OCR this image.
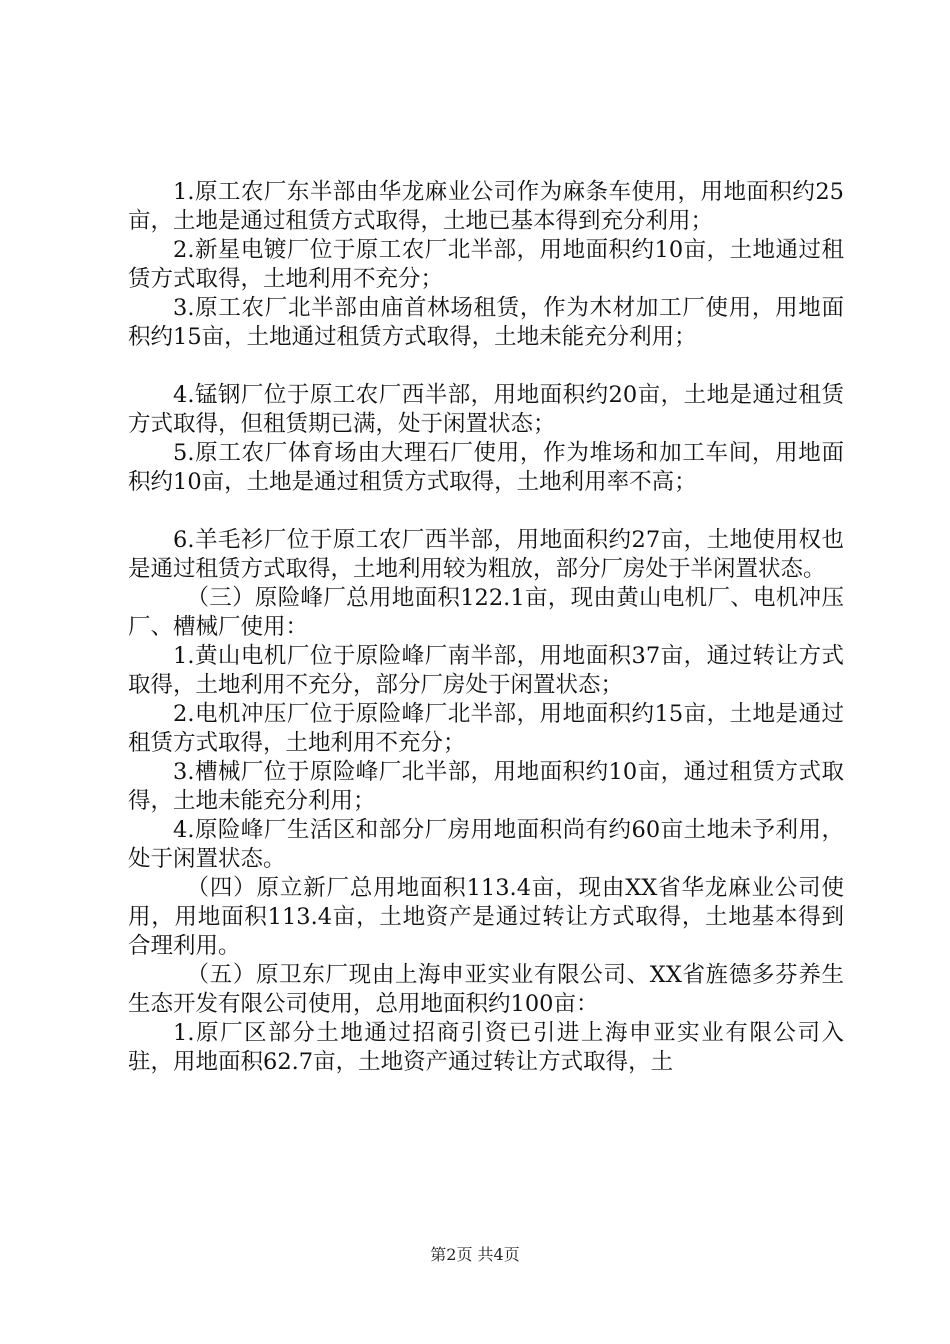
1.原工农厂东半部由华龙麻业公司作为麻条车使用，用地面积约25亩，土地是通过租赁方式取得，土地已基本得到充分利用；

2.新星电镀厂位于原工农厂北半部，用地面积约10亩，土地通过租赁方式取得，土地利用不充分；

3.原工农厂北半部由庙首林场租赁，作为木材加工厂使用，用地面积约15亩，土地通过租赁方式取得，土地未能充分利用；

4.锰钢厂位于原工农厂西半部，用地面积约20亩，土地是通过租赁方式取得，但租赁期已满，处于闲置状态；

5.原工农厂体育场由大理石厂使用，作为堆场和加工车间，用地面积约10亩，土地是通过租赁方式取得，土地利用率不高；

6.羊毛衫厂位于原工农厂西半部，用地面积约27亩，土地使用权也是通过租赁方式取得，土地利用较为粗放，部分厂房处于半闲置状态。

（三）原险峰厂总用地面积122.1亩，现由黄山电机厂、电机冲压厂、槽械厂使用：

1.黄山电机厂位于原险峰厂南半部，用地面积37亩，通过转让方式取得，土地利用不充分，部分厂房处于闲置状态；

2.电机冲压厂位于原险峰厂北半部，用地面积约15亩，土地是通过租赁方式取得，土地利用不充分；

3.槽械厂位于原险峰厂北半部，用地面积约10亩，通过租赁方式取得，土地未能充分利用；

4.原险峰厂生活区和部分厂房用地面积尚有约60亩土地未予利用，处于闲置状态。

（四）原立新厂总用地面积113.4亩，现由XX省华龙麻业公司使用，用地面积113.4亩，土地资产是通过转让方式取得，土地基本得到合理利用。

（五）原卫东厂现由上海申亚实业有限公司、XX省旌德多芬养生生态开发有限公司使用，总用地面积约100亩：

1.原厂区部分土地通过招商引资已引进上海申亚实业有限公司入驻，用地面积62.7亩，土地资产通过转让方式取得，土

第2页 共4页
